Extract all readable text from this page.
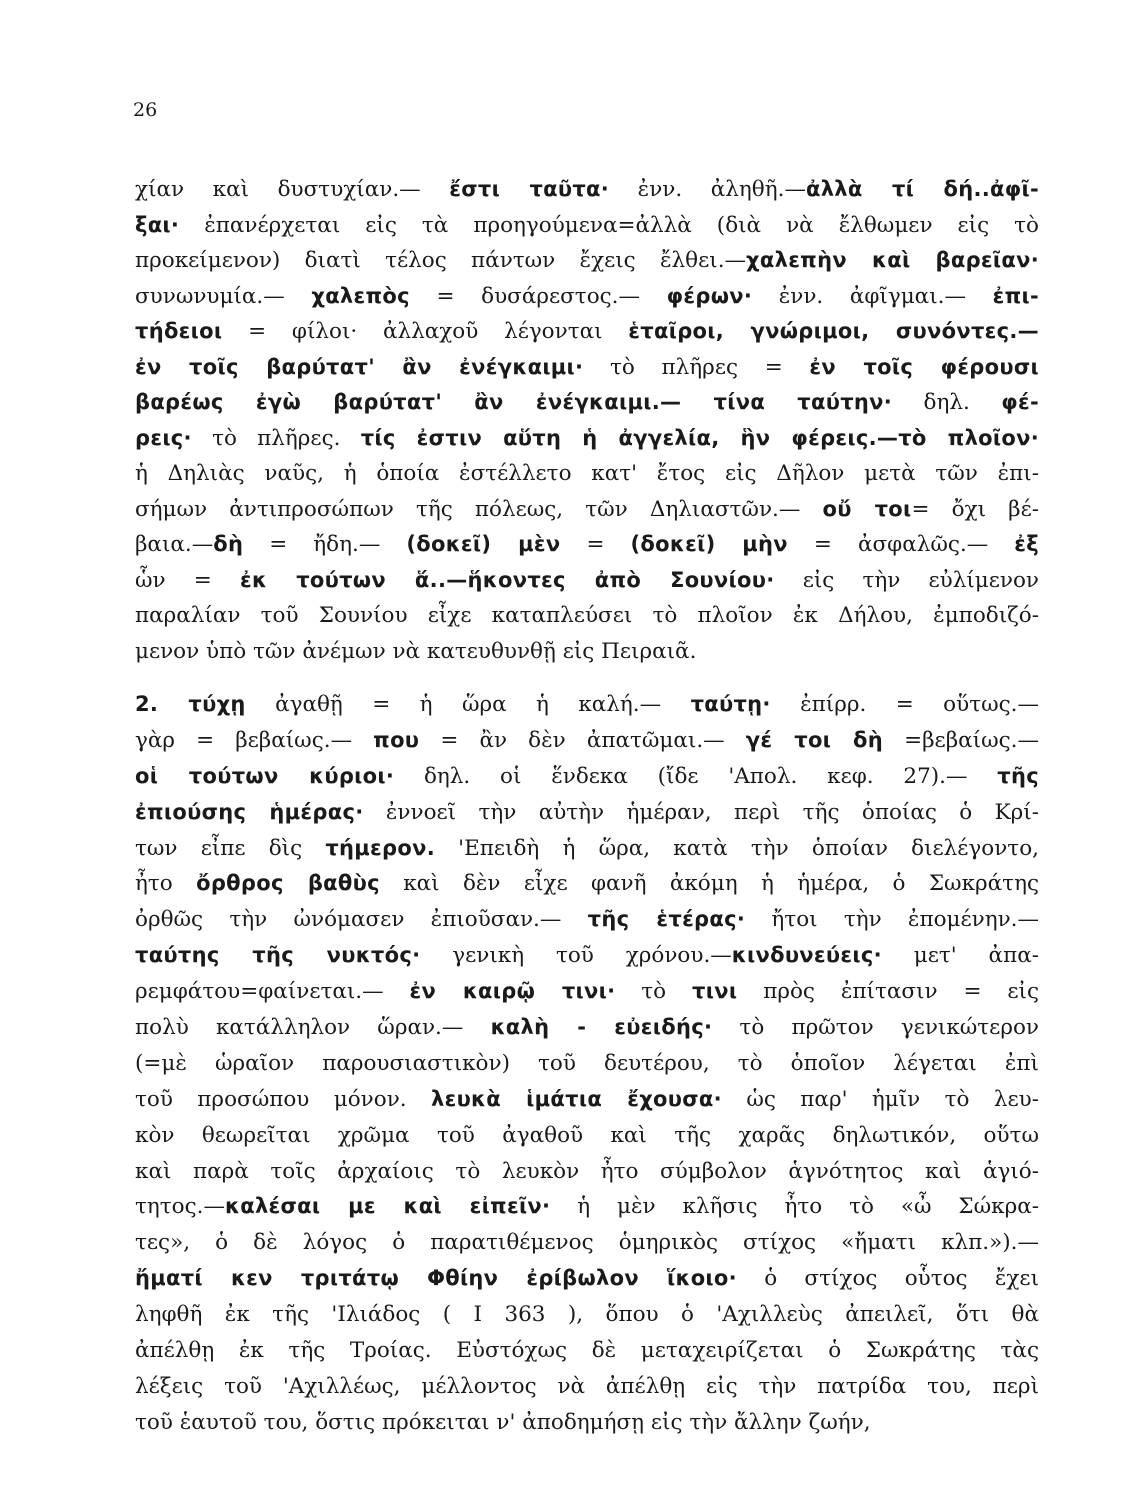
26
χίαν καὶ δυστυχίαν.— ἔστι ταῦτα· ἐνν. ἀληθῆ.—ἀλλὰ τί δή..ἀφῖ-
ξαι· ἐπανέρχεται εἰς τὰ προηγούμενα=ἀλλὰ (διὰ νὰ ἔλθωμεν εἰς τὸ
προκείμενον) διατὶ τέλος πάντων ἔχεις ἔλθει.—χαλεπὴν καὶ βαρεῖαν·
συνωνυμία.— χαλεπὸς = δυσάρεστος.— φέρων· ἐνν. ἀφῖγμαι.— ἐπι-
τήδειοι = φίλοι· ἀλλαχοῦ λέγονται ἑταῖροι, γνώριμοι, συνόντες.—
ἐν τοῖς βαρύτατ' ἂν ἐνέγκαιμι· τὸ πλῆρες = ἐν τοῖς φέρουσι
βαρέως ἐγὼ βαρύτατ' ἂν ἐνέγκαιμι.— τίνα ταύτην· δηλ. φέ-
ρεις· τὸ πλῆρες. τίς ἐστιν αὕτη ἡ ἀγγελία, ἣν φέρεις.—τὸ πλοῖον·
ἡ Δηλιὰς ναῦς, ἡ ὁποία ἐστέλλετο κατ' ἔτος εἰς Δῆλον μετὰ τῶν ἐπι-
σήμων ἀντιπροσώπων τῆς πόλεως, τῶν Δηλιαστῶν.— οὔ τοι= ὄχι βέ-
βαια.—δὴ = ἤδη.— (δοκεῖ) μὲν = (δοκεῖ) μὴν = ἀσφαλῶς.— ἐξ
ὧν = ἐκ τούτων ἅ..—ἥκοντες ἀπὸ Σουνίου· εἰς τὴν εὐλίμενον
παραλίαν τοῦ Σουνίου εἶχε καταπλεύσει τὸ πλοῖον ἐκ Δήλου, ἐμποδιζό-
μενον ὑπὸ τῶν ἀνέμων νὰ κατευθυνθῇ εἰς Πειραιᾶ.
2. τύχῃ ἀγαθῇ = ἡ ὥρα ἡ καλή.— ταύτῃ· ἐπίρρ. = οὕτως.—
γὰρ = βεβαίως.— που = ἂν δὲν ἀπατῶμαι.— γέ τοι δὴ =βεβαίως.—
οἱ τούτων κύριοι· δηλ. οἱ ἕνδεκα (ἴδε 'Απολ. κεφ. 27).— τῆς
ἐπιούσης ἡμέρας· ἐννοεῖ τὴν αὐτὴν ἡμέραν, περὶ τῆς ὁποίας ὁ Κρί-
των εἶπε δὶς τήμερον. 'Επειδὴ ἡ ὥρα, κατὰ τὴν ὁποίαν διελέγοντο,
ἦτο ὄρθρος βαθὺς καὶ δὲν εἶχε φανῆ ἀκόμη ἡ ἡμέρα, ὁ Σωκράτης
ὀρθῶς τὴν ὠνόμασεν ἐπιοῦσαν.— τῆς ἑτέρας· ἤτοι τὴν ἐπομένην.—
ταύτης τῆς νυκτός· γενικὴ τοῦ χρόνου.—κινδυνεύεις· μετ' ἀπα-
ρεμφάτου=φαίνεται.— ἐν καιρῷ τινι· τὸ τινι πρὸς ἐπίτασιν = εἰς
πολὺ κατάλληλον ὥραν.— καλὴ - εὐειδής· τὸ πρῶτον γενικώτερον
(=μὲ ὡραῖον παρουσιαστικὸν) τοῦ δευτέρου, τὸ ὁποῖον λέγεται ἐπὶ
τοῦ προσώπου μόνον. λευκὰ ἱμάτια ἔχουσα· ὡς παρ' ἡμῖν τὸ λευ-
κὸν θεωρεῖται χρῶμα τοῦ ἀγαθοῦ καὶ τῆς χαρᾶς δηλωτικόν, οὕτω
καὶ παρὰ τοῖς ἀρχαίοις τὸ λευκὸν ἦτο σύμβολον ἁγνότητος καὶ ἁγιό-
τητος.—καλέσαι με καὶ εἰπεῖν· ἡ μὲν κλῆσις ἦτο τὸ «ὦ Σώκρα-
τες», ὁ δὲ λόγος ὁ παρατιθέμενος ὁμηρικὸς στίχος «ἤματι κλπ.»).—
ἤματί κεν τριτάτῳ Φθίην ἐρίβωλον ἵκοιο· ὁ στίχος οὗτος ἔχει
ληφθῆ ἐκ τῆς 'Ιλιάδος ( Ι 363 ), ὅπου ὁ 'Αχιλλεὺς ἀπειλεῖ, ὅτι θὰ
ἀπέλθῃ ἐκ τῆς Τροίας. Εὐστόχως δὲ μεταχειρίζεται ὁ Σωκράτης τὰς
λέξεις τοῦ 'Αχιλλέως, μέλλοντος νὰ ἀπέλθῃ εἰς τὴν πατρίδα του, περὶ
τοῦ ἑαυτοῦ του, ὅστις πρόκειται ν' ἀποδημήσῃ εἰς τὴν ἄλλην ζωήν,
